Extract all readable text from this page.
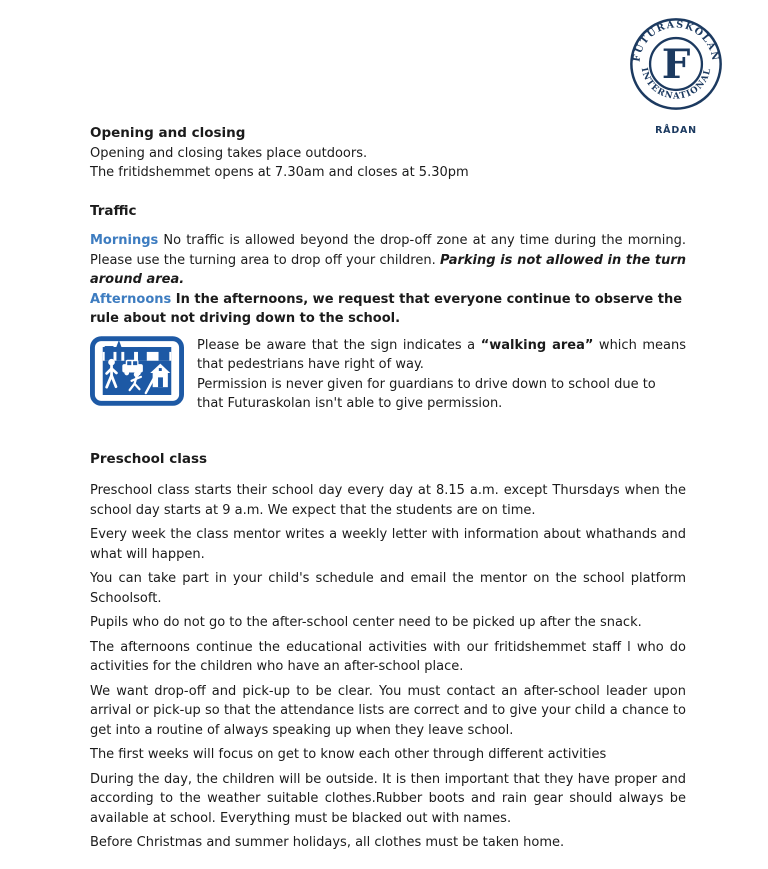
FUTURASKOLAN
INTERNATIONAL
F
RÅDAN
Opening and closing

Opening and closing takes place outdoors.

The fritidshemmet opens at 7.30am and closes at 5.30pm

Traffic

Mornings No traffic is allowed beyond the drop-off zone at any time during the morning. Please use the turning area to drop off your children. Parking is not allowed in the turn around area.

Afternoons In the afternoons, we request that everyone continue to observe the rule about not driving down to the school.

Please be aware that the sign indicates a “walking area” which means that pedestrians have right of way.

Permission is never given for guardians to drive down to school due to that Futuraskolan isn't able to give permission.

Preschool class

Preschool class starts their school day every day at 8.15 a.m. except Thursdays when the school day starts at 9 a.m. We expect that the students are on time.

Every week the class mentor writes a weekly letter with information about whathands and what will happen.

You can take part in your child's schedule and email the mentor on the school platform Schoolsoft.

Pupils who do not go to the after-school center need to be picked up after the snack.

The afternoons continue the educational activities with our fritidshemmet staff l who do activities for the children who have an after-school place.

We want drop-off and pick-up to be clear. You must contact an after-school leader upon arrival or pick-up so that the attendance lists are correct and to give your child a chance to get into a routine of always speaking up when they leave school.

The first weeks will focus on get to know each other through different activities

During the day, the children will be outside. It is then important that they have proper and according to the weather suitable clothes.Rubber boots and rain gear should always be available at school. Everything must be blacked out with names.

Before Christmas and summer holidays, all clothes must be taken home.
